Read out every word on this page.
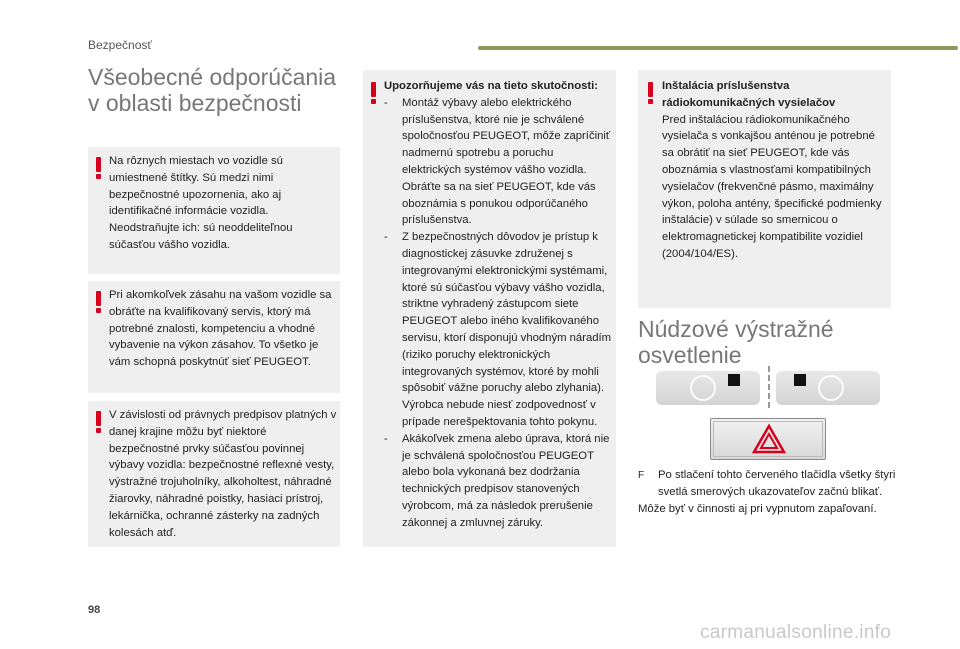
Bezpečnosť
Všeobecné odporúčania v oblasti bezpečnosti
Na rôznych miestach vo vozidle sú umiestnené štítky. Sú medzi nimi bezpečnostné upozornenia, ako aj identifikačné informácie vozidla. Neodstraňujte ich: sú neoddeliteľnou súčasťou vášho vozidla.
Pri akomkoľvek zásahu na vašom vozidle sa obráťte na kvalifikovaný servis, ktorý má potrebné znalosti, kompetenciu a vhodné vybavenie na výkon zásahov. To všetko je vám schopná poskytnúť sieť PEUGEOT.
V závislosti od právnych predpisov platných v danej krajine môžu byť niektoré bezpečnostné prvky súčasťou povinnej výbavy vozidla: bezpečnostné reflexné vesty, výstražné trojuholníky, alkoholtest, náhradné žiarovky, náhradné poistky, hasiaci prístroj, lekárnička, ochranné zásterky na zadných kolesách atď.
Upozorňujeme vás na tieto skutočnosti:
- Montáž výbavy alebo elektrického príslušenstva, ktoré nie je schválené spoločnosťou PEUGEOT, môže zapríčiniť nadmernú spotrebu a poruchu elektrických systémov vášho vozidla. Obráťte sa na sieť PEUGEOT, kde vás oboznámia s ponukou odporúčaného príslušenstva.
- Z bezpečnostných dôvodov je prístup k diagnostickej zásuvke združenej s integrovanými elektronickými systémami, ktoré sú súčasťou výbavy vášho vozidla, striktne vyhradený zástupcom siete PEUGEOT alebo iného kvalifikovaného servisu, ktorí disponujú vhodným náradím (riziko poruchy elektronických integrovaných systémov, ktoré by mohli spôsobiť vážne poruchy alebo zlyhania). Výrobca nebude niesť zodpovednosť v prípade nerešpektovania tohto pokynu.
- Akákoľvek zmena alebo úprava, ktorá nie je schválená spoločnosťou PEUGEOT alebo bola vykonaná bez dodržania technických predpisov stanovených výrobcom, má za následok prerušenie zákonnej a zmluvnej záruky.
Inštalácia príslušenstva rádiokomunikačných vysielačov
Pred inštaláciou rádiokomunikačného vysielača s vonkajšou anténou je potrebné sa obrátiť na sieť PEUGEOT, kde vás oboznámia s vlastnosťami kompatibilných vysielačov (frekvenčné pásmo, maximálny výkon, poloha antény, špecifické podmienky inštalácie) v súlade so smernicou o elektromagnetickej kompatibilite vozidiel (2004/104/ES).
Núdzové výstražné osvetlenie
F	Po stlačení tohto červeného tlačidla všetky štyri svetlá smerových ukazovateľov začnú blikať.
Môže byť v činnosti aj pri vypnutom zapaľovaní.
98
carmanualsonline.info
